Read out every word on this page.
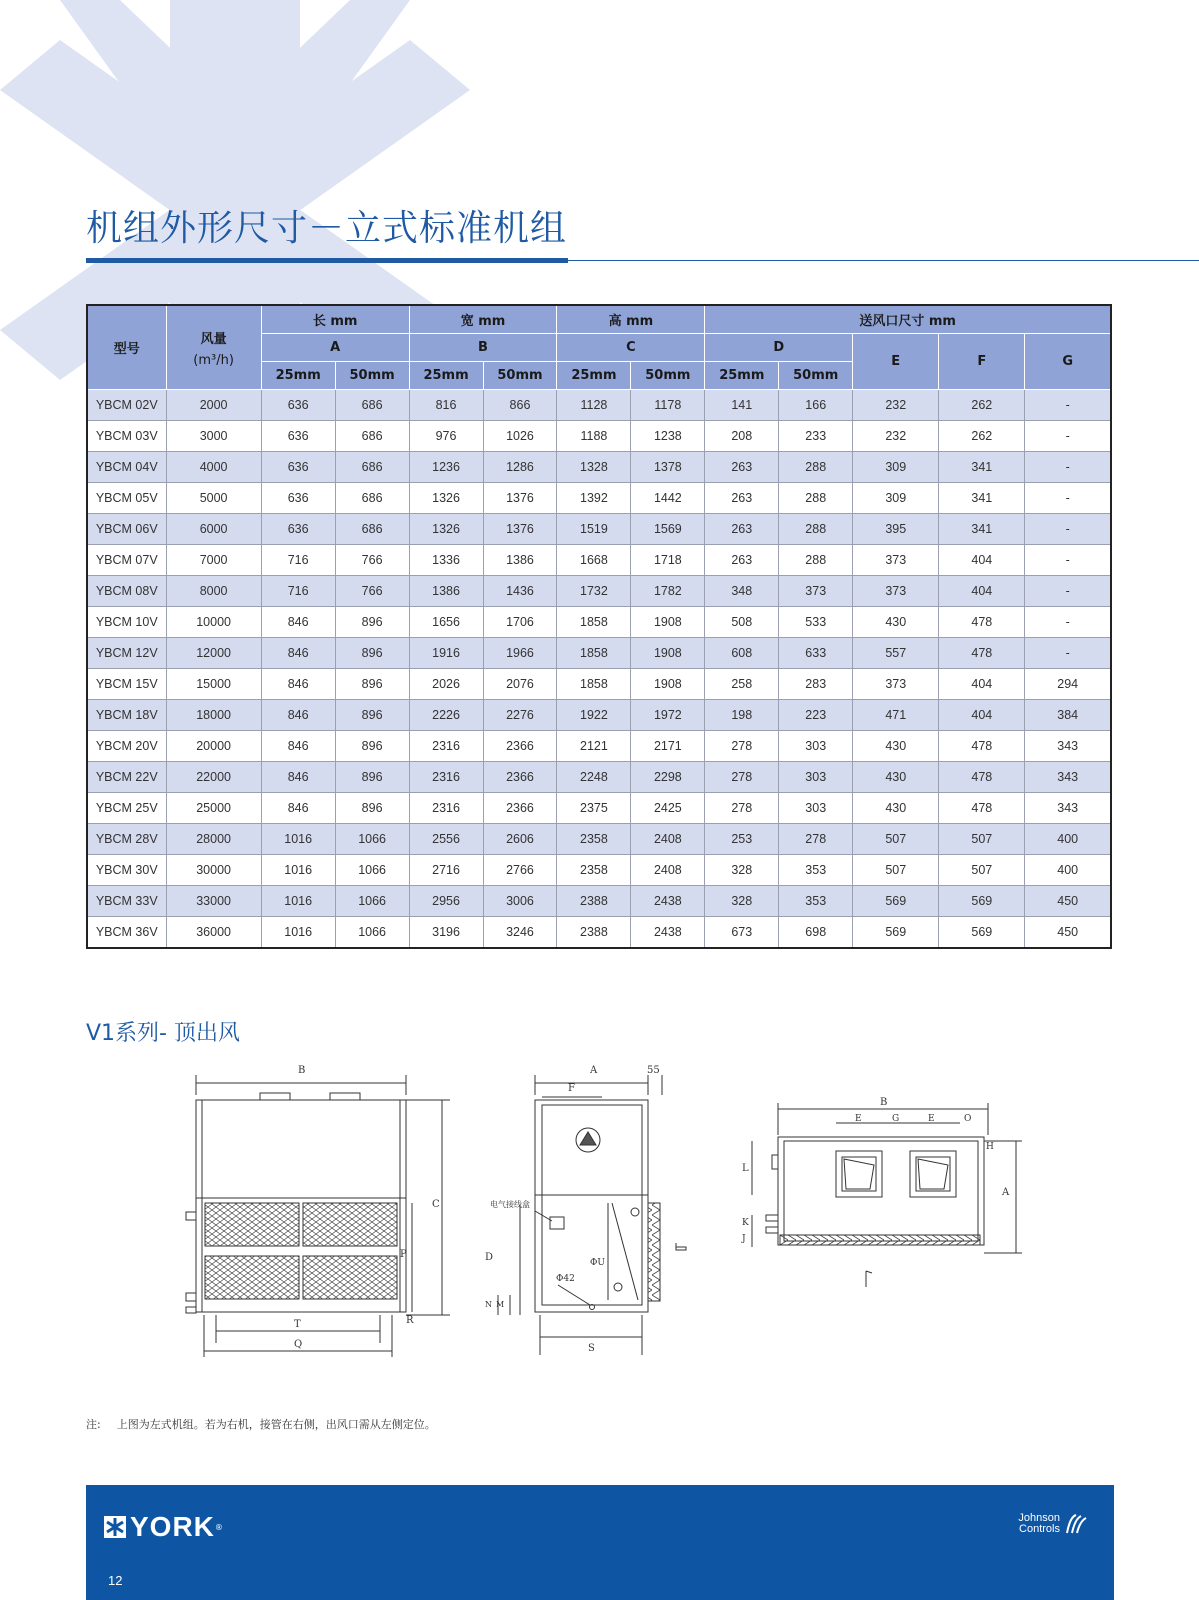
机组外形尺寸－立式标准机组
型号	风量
(m³/h)	长 mm		宽 mm		高 mm		送风口尺寸 mm				
		A		B		C		D		E	F	G
		25mm	50mm	25mm	50mm	25mm	50mm	25mm	50mm			
YBCM 02V	2000	636	686	816	866	1128	1178	141	166	232	262	-
YBCM 03V	3000	636	686	976	1026	1188	1238	208	233	232	262	-
YBCM 04V	4000	636	686	1236	1286	1328	1378	263	288	309	341	-
YBCM 05V	5000	636	686	1326	1376	1392	1442	263	288	309	341	-
YBCM 06V	6000	636	686	1326	1376	1519	1569	263	288	395	341	-
YBCM 07V	7000	716	766	1336	1386	1668	1718	263	288	373	404	-
YBCM 08V	8000	716	766	1386	1436	1732	1782	348	373	373	404	-
YBCM 10V	10000	846	896	1656	1706	1858	1908	508	533	430	478	-
YBCM 12V	12000	846	896	1916	1966	1858	1908	608	633	557	478	-
YBCM 15V	15000	846	896	2026	2076	1858	1908	258	283	373	404	294
YBCM 18V	18000	846	896	2226	2276	1922	1972	198	223	471	404	384
YBCM 20V	20000	846	896	2316	2366	2121	2171	278	303	430	478	343
YBCM 22V	22000	846	896	2316	2366	2248	2298	278	303	430	478	343
YBCM 25V	25000	846	896	2316	2366	2375	2425	278	303	430	478	343
YBCM 28V	28000	1016	1066	2556	2606	2358	2408	253	278	507	507	400
YBCM 30V	30000	1016	1066	2716	2766	2358	2408	328	353	507	507	400
YBCM 33V	33000	1016	1066	2956	3006	2388	2438	328	353	569	569	450
YBCM 36V	36000	1016	1066	3196	3246	2388	2438	673	698	569	569	450
V1系列- 顶出风
B
C
P
R
T
Q
A	55
F
电气接线盒
ΦU
Φ42
D
M
N
S
B
E	G	E	O
A
H
L
K
J
注: 上图为左式机组。若为右机，接管在右侧，出风口需从左侧定位。
YORK ®
12
Johnson
Controls
